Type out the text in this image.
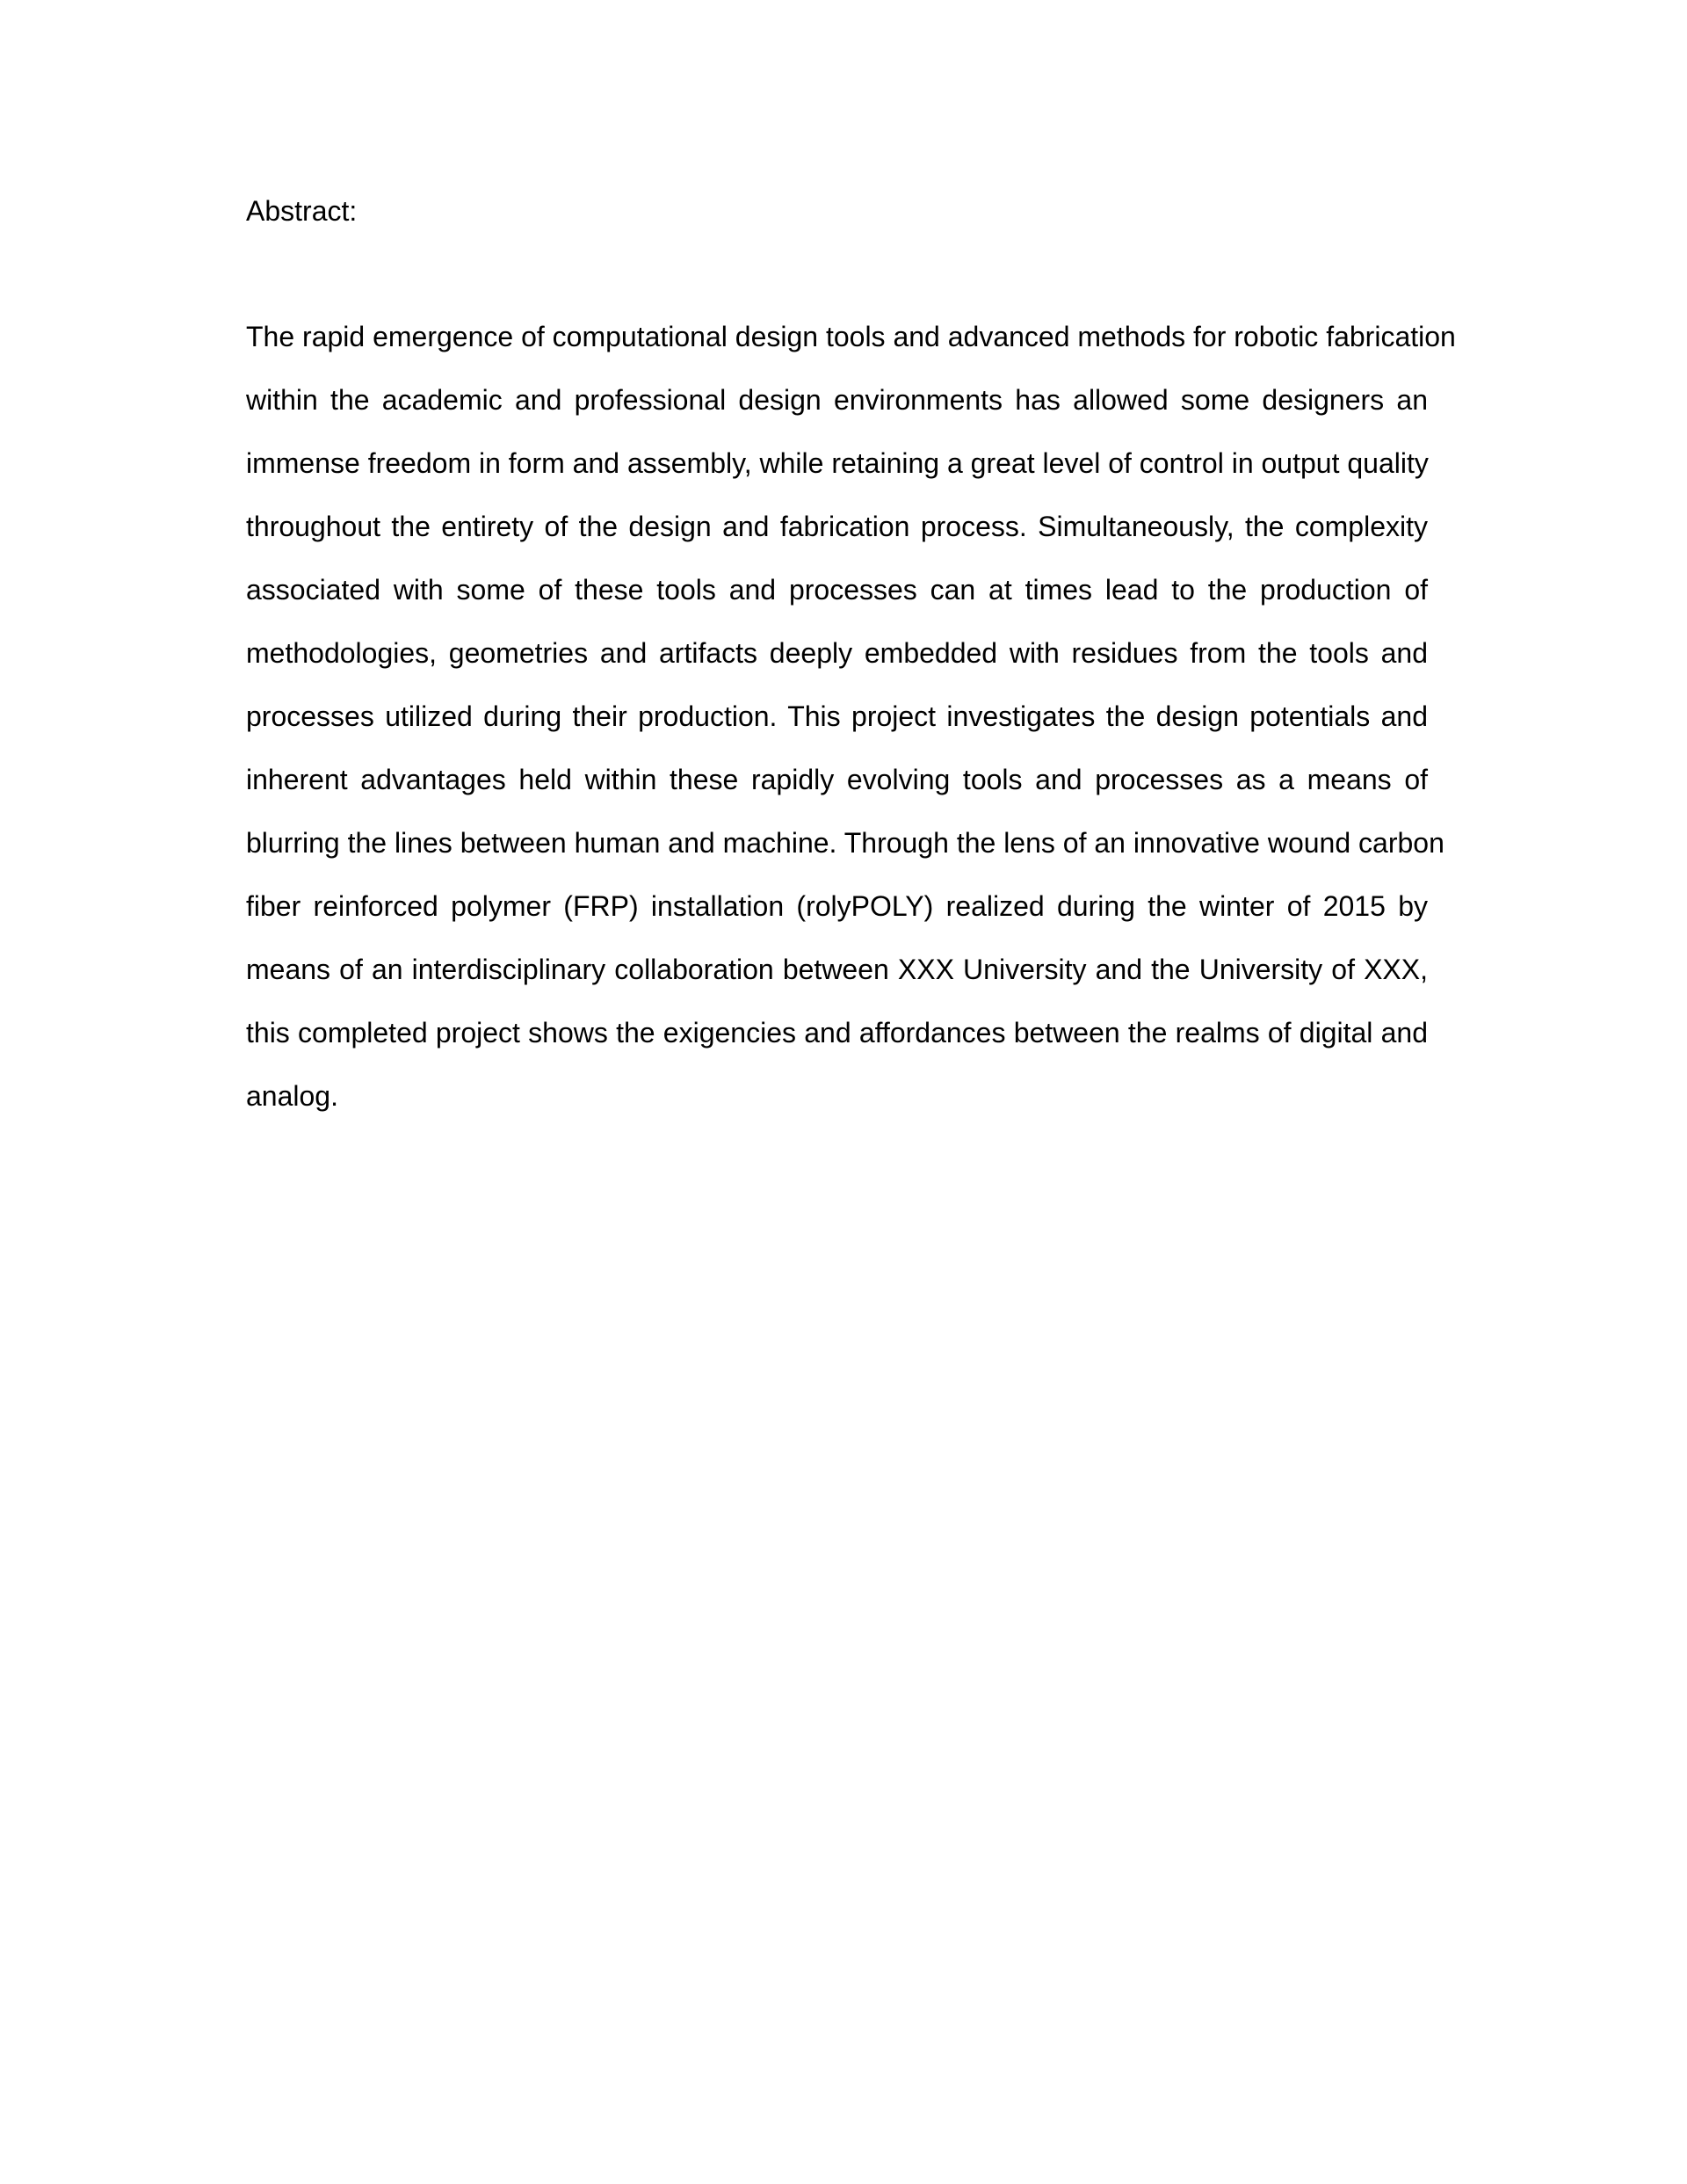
Abstract:
The rapid emergence of computational design tools and advanced methods for robotic fabrication
within the academic and professional design environments has allowed some designers an
immense freedom in form and assembly, while retaining a great level of control in output quality
throughout the entirety of the design and fabrication process. Simultaneously, the complexity
associated with some of these tools and processes can at times lead to the production of
methodologies, geometries and artifacts deeply embedded with residues from the tools and
processes utilized during their production. This project investigates the design potentials and
inherent advantages held within these rapidly evolving tools and processes as a means of
blurring the lines between human and machine. Through the lens of an innovative wound carbon
fiber reinforced polymer (FRP) installation (rolyPOLY) realized during the winter of 2015 by
means of an interdisciplinary collaboration between XXX University and the University of XXX,
this completed project shows the exigencies and affordances between the realms of digital and
analog.
